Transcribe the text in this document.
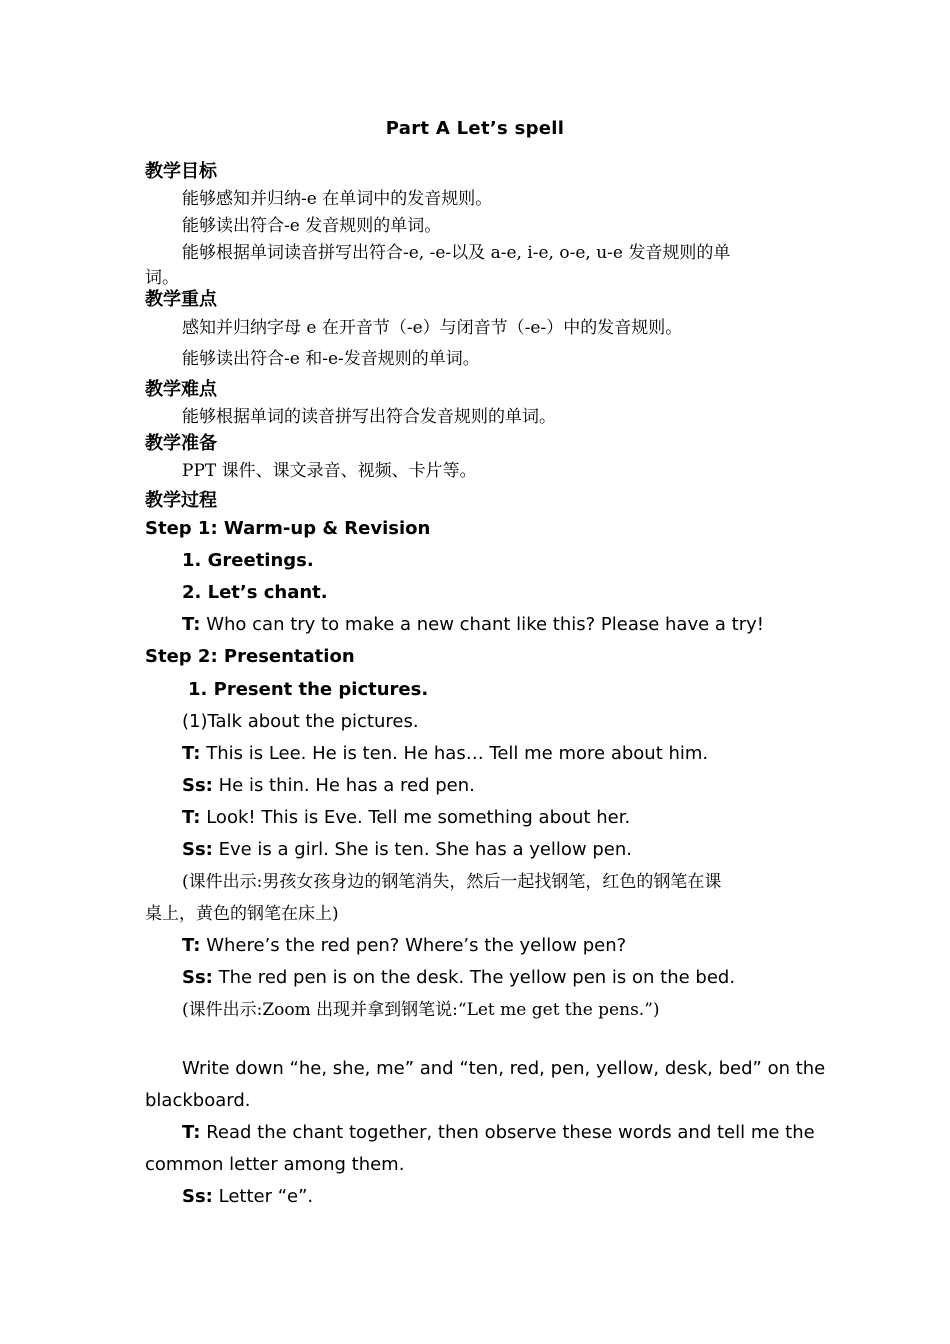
Part A Let’s spell
教学目标
能够感知并归纳-e 在单词中的发音规则。
能够读出符合-e 发音规则的单词。
能够根据单词读音拼写出符合-e, -e-以及 a-e, i-e, o-e, u-e 发音规则的单
词。
教学重点
感知并归纳字母 e 在开音节（-e）与闭音节（-e-）中的发音规则。
能够读出符合-e 和-e-发音规则的单词。
教学难点
能够根据单词的读音拼写出符合发音规则的单词。
教学准备
PPT 课件、课文录音、视频、卡片等。
教学过程
Step 1: Warm-up & Revision
1. Greetings.
2. Let’s chant.
T: Who can try to make a new chant like this? Please have a try!
Step 2: Presentation
1. Present the pictures.
(1)Talk about the pictures.
T: This is Lee. He is ten. He has… Tell me more about him.
Ss: He is thin. He has a red pen.
T: Look! This is Eve. Tell me something about her.
Ss: Eve is a girl. She is ten. She has a yellow pen.
(课件出示:男孩女孩身边的钢笔消失，然后一起找钢笔，红色的钢笔在课
桌上，黄色的钢笔在床上)
T: Where’s the red pen? Where’s the yellow pen?
Ss: The red pen is on the desk. The yellow pen is on the bed.
(课件出示:Zoom 出现并拿到钢笔说:“Let me get the pens.”)
Write down “he, she, me” and “ten, red, pen, yellow, desk, bed” on the
blackboard.
T: Read the chant together, then observe these words and tell me the
common letter among them.
Ss: Letter “e”.
